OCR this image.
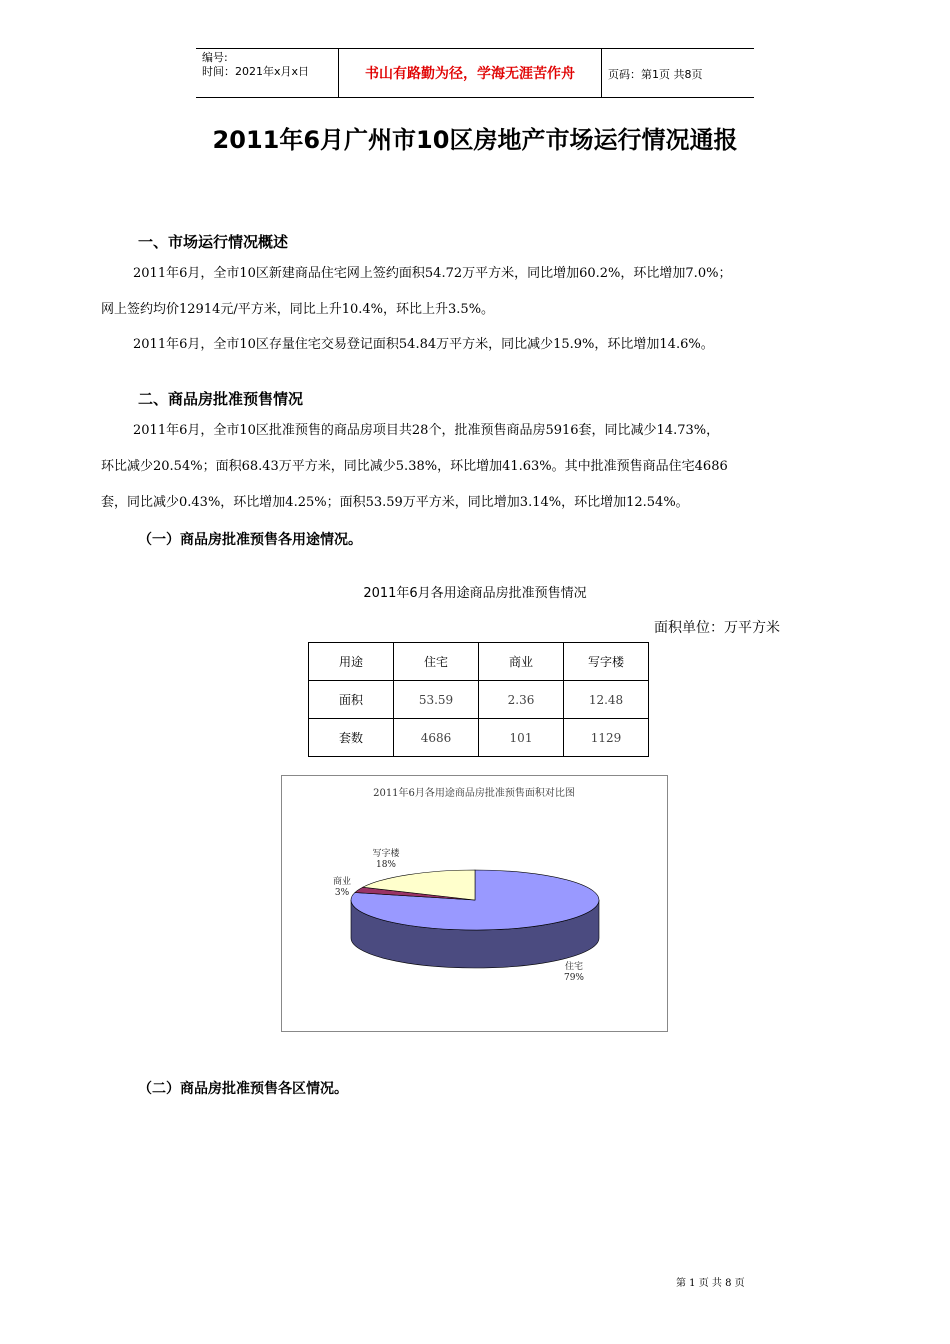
编号:
时间：2021年x月x日	书山有路勤为径，学海无涯苦作舟	页码：第1页 共8页
2011年6月广州市10区房地产市场运行情况通报
一、市场运行情况概述
2011年6月，全市10区新建商品住宅网上签约面积54.72万平方米，同比增加60.2%，环比增加7.0%；
网上签约均价12914元/平方米，同比上升10.4%，环比上升3.5%。
2011年6月，全市10区存量住宅交易登记面积54.84万平方米，同比减少15.9%，环比增加14.6%。
二、商品房批准预售情况
2011年6月，全市10区批准预售的商品房项目共28个，批准预售商品房5916套，同比减少14.73%，
环比减少20.54%；面积68.43万平方米，同比减少5.38%，环比增加41.63%。其中批准预售商品住宅4686
套，同比减少0.43%，环比增加4.25%；面积53.59万平方米，同比增加3.14%，环比增加12.54%。
（一）商品房批准预售各用途情况。
2011年6月各用途商品房批准预售情况
面积单位：万平方米
用途	住宅	商业	写字楼
面积	53.59	2.36	12.48
套数	4686	101	1129
2011年6月各用途商品房批准预售面积对比图
住宅
79%
商业
3%
写字楼
18%
（二）商品房批准预售各区情况。
第 1 页 共 8 页
